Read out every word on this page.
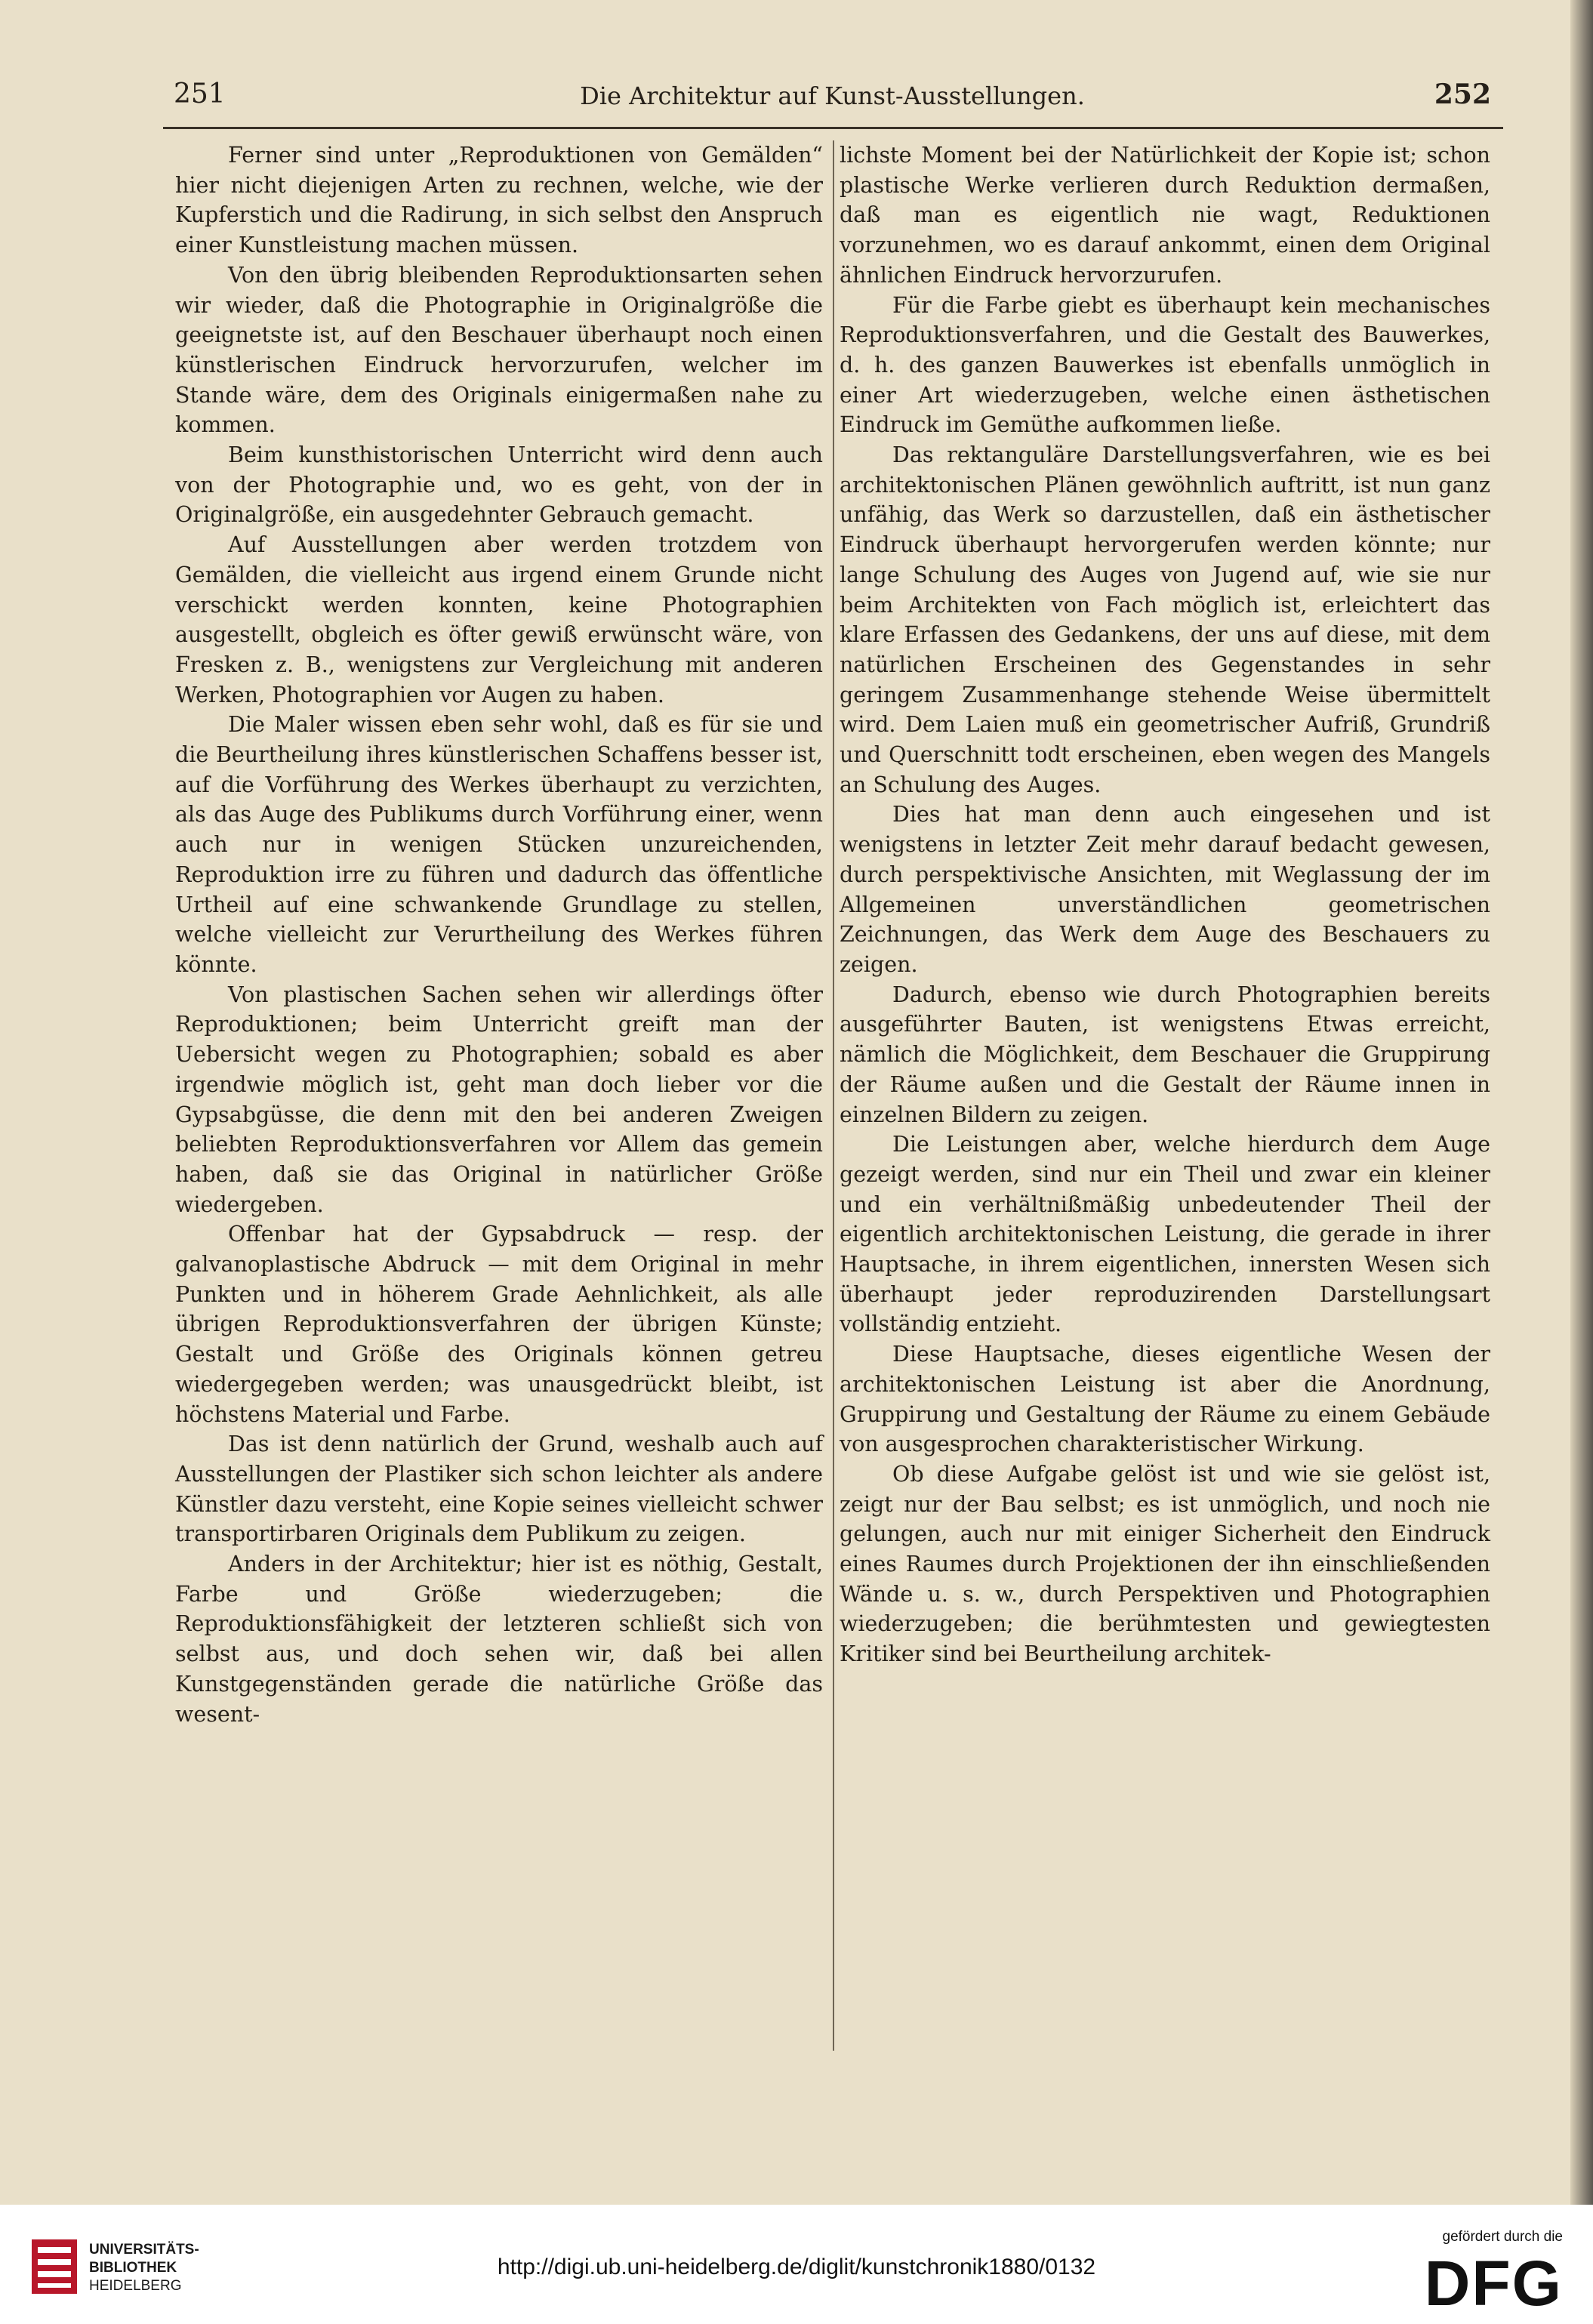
251	Die Architektur auf Kunst-Ausstellungen.	252

Ferner sind unter „Reproduktionen von Gemälden“ hier nicht diejenigen Arten zu rechnen, welche, wie der Kupferstich und die Radirung, in sich selbst den Anspruch einer Kunstleistung machen müssen.

Von den übrig bleibenden Reproduktionsarten sehen wir wieder, daß die Photographie in Originalgröße die geeignetste ist, auf den Beschauer überhaupt noch einen künstlerischen Eindruck hervorzurufen, welcher im Stande wäre, dem des Originals einigermaßen nahe zu kommen.

Beim kunsthistorischen Unterricht wird denn auch von der Photographie und, wo es geht, von der in Originalgröße, ein ausgedehnter Gebrauch gemacht.

Auf Ausstellungen aber werden trotzdem von Gemälden, die vielleicht aus irgend einem Grunde nicht verschickt werden konnten, keine Photographien ausgestellt, obgleich es öfter gewiß erwünscht wäre, von Fresken z. B., wenigstens zur Vergleichung mit anderen Werken, Photographien vor Augen zu haben.

Die Maler wissen eben sehr wohl, daß es für sie und die Beurtheilung ihres künstlerischen Schaffens besser ist, auf die Vorführung des Werkes überhaupt zu verzichten, als das Auge des Publikums durch Vorführung einer, wenn auch nur in wenigen Stücken unzureichenden, Reproduktion irre zu führen und dadurch das öffentliche Urtheil auf eine schwankende Grundlage zu stellen, welche vielleicht zur Verurtheilung des Werkes führen könnte.

Von plastischen Sachen sehen wir allerdings öfter Reproduktionen; beim Unterricht greift man der Uebersicht wegen zu Photographien; sobald es aber irgendwie möglich ist, geht man doch lieber vor die Gypsabgüsse, die denn mit den bei anderen Zweigen beliebten Reproduktionsverfahren vor Allem das gemein haben, daß sie das Original in natürlicher Größe wiedergeben.

Offenbar hat der Gypsabdruck — resp. der galvanoplastische Abdruck — mit dem Original in mehr Punkten und in höherem Grade Aehnlichkeit, als alle übrigen Reproduktionsverfahren der übrigen Künste; Gestalt und Größe des Originals können getreu wiedergegeben werden; was unausgedrückt bleibt, ist höchstens Material und Farbe.

Das ist denn natürlich der Grund, weshalb auch auf Ausstellungen der Plastiker sich schon leichter als andere Künstler dazu versteht, eine Kopie seines vielleicht schwer transportirbaren Originals dem Publikum zu zeigen.

Anders in der Architektur; hier ist es nöthig, Gestalt, Farbe und Größe wiederzugeben; die Reproduktionsfähigkeit der letzteren schließt sich von selbst aus, und doch sehen wir, daß bei allen Kunstgegenständen gerade die natürliche Größe das wesent-

lichste Moment bei der Natürlichkeit der Kopie ist; schon plastische Werke verlieren durch Reduktion dermaßen, daß man es eigentlich nie wagt, Reduktionen vorzunehmen, wo es darauf ankommt, einen dem Original ähnlichen Eindruck hervorzurufen.

Für die Farbe giebt es überhaupt kein mechanisches Reproduktionsverfahren, und die Gestalt des Bauwerkes, d. h. des ganzen Bauwerkes ist ebenfalls unmöglich in einer Art wiederzugeben, welche einen ästhetischen Eindruck im Gemüthe aufkommen ließe.

Das rektanguläre Darstellungsverfahren, wie es bei architektonischen Plänen gewöhnlich auftritt, ist nun ganz unfähig, das Werk so darzustellen, daß ein ästhetischer Eindruck überhaupt hervorgerufen werden könnte; nur lange Schulung des Auges von Jugend auf, wie sie nur beim Architekten von Fach möglich ist, erleichtert das klare Erfassen des Gedankens, der uns auf diese, mit dem natürlichen Erscheinen des Gegenstandes in sehr geringem Zusammenhange stehende Weise übermittelt wird. Dem Laien muß ein geometrischer Aufriß, Grundriß und Querschnitt todt erscheinen, eben wegen des Mangels an Schulung des Auges.

Dies hat man denn auch eingesehen und ist wenigstens in letzter Zeit mehr darauf bedacht gewesen, durch perspektivische Ansichten, mit Weglassung der im Allgemeinen unverständlichen geometrischen Zeichnungen, das Werk dem Auge des Beschauers zu zeigen.

Dadurch, ebenso wie durch Photographien bereits ausgeführter Bauten, ist wenigstens Etwas erreicht, nämlich die Möglichkeit, dem Beschauer die Gruppirung der Räume außen und die Gestalt der Räume innen in einzelnen Bildern zu zeigen.

Die Leistungen aber, welche hierdurch dem Auge gezeigt werden, sind nur ein Theil und zwar ein kleiner und ein verhältnißmäßig unbedeutender Theil der eigentlich architektonischen Leistung, die gerade in ihrer Hauptsache, in ihrem eigentlichen, innersten Wesen sich überhaupt jeder reproduzirenden Darstellungsart vollständig entzieht.

Diese Hauptsache, dieses eigentliche Wesen der architektonischen Leistung ist aber die Anordnung, Gruppirung und Gestaltung der Räume zu einem Gebäude von ausgesprochen charakteristischer Wirkung.

Ob diese Aufgabe gelöst ist und wie sie gelöst ist, zeigt nur der Bau selbst; es ist unmöglich, und noch nie gelungen, auch nur mit einiger Sicherheit den Eindruck eines Raumes durch Projektionen der ihn einschließenden Wände u. s. w., durch Perspektiven und Photographien wiederzugeben; die berühmtesten und gewiegtesten Kritiker sind bei Beurtheilung architek-

UNIVERSITÄTS-
BIBLIOTHEK
HEIDELBERG
http://digi.ub.uni-heidelberg.de/diglit/kunstchronik1880/0132
gefördert durch die
DFG
